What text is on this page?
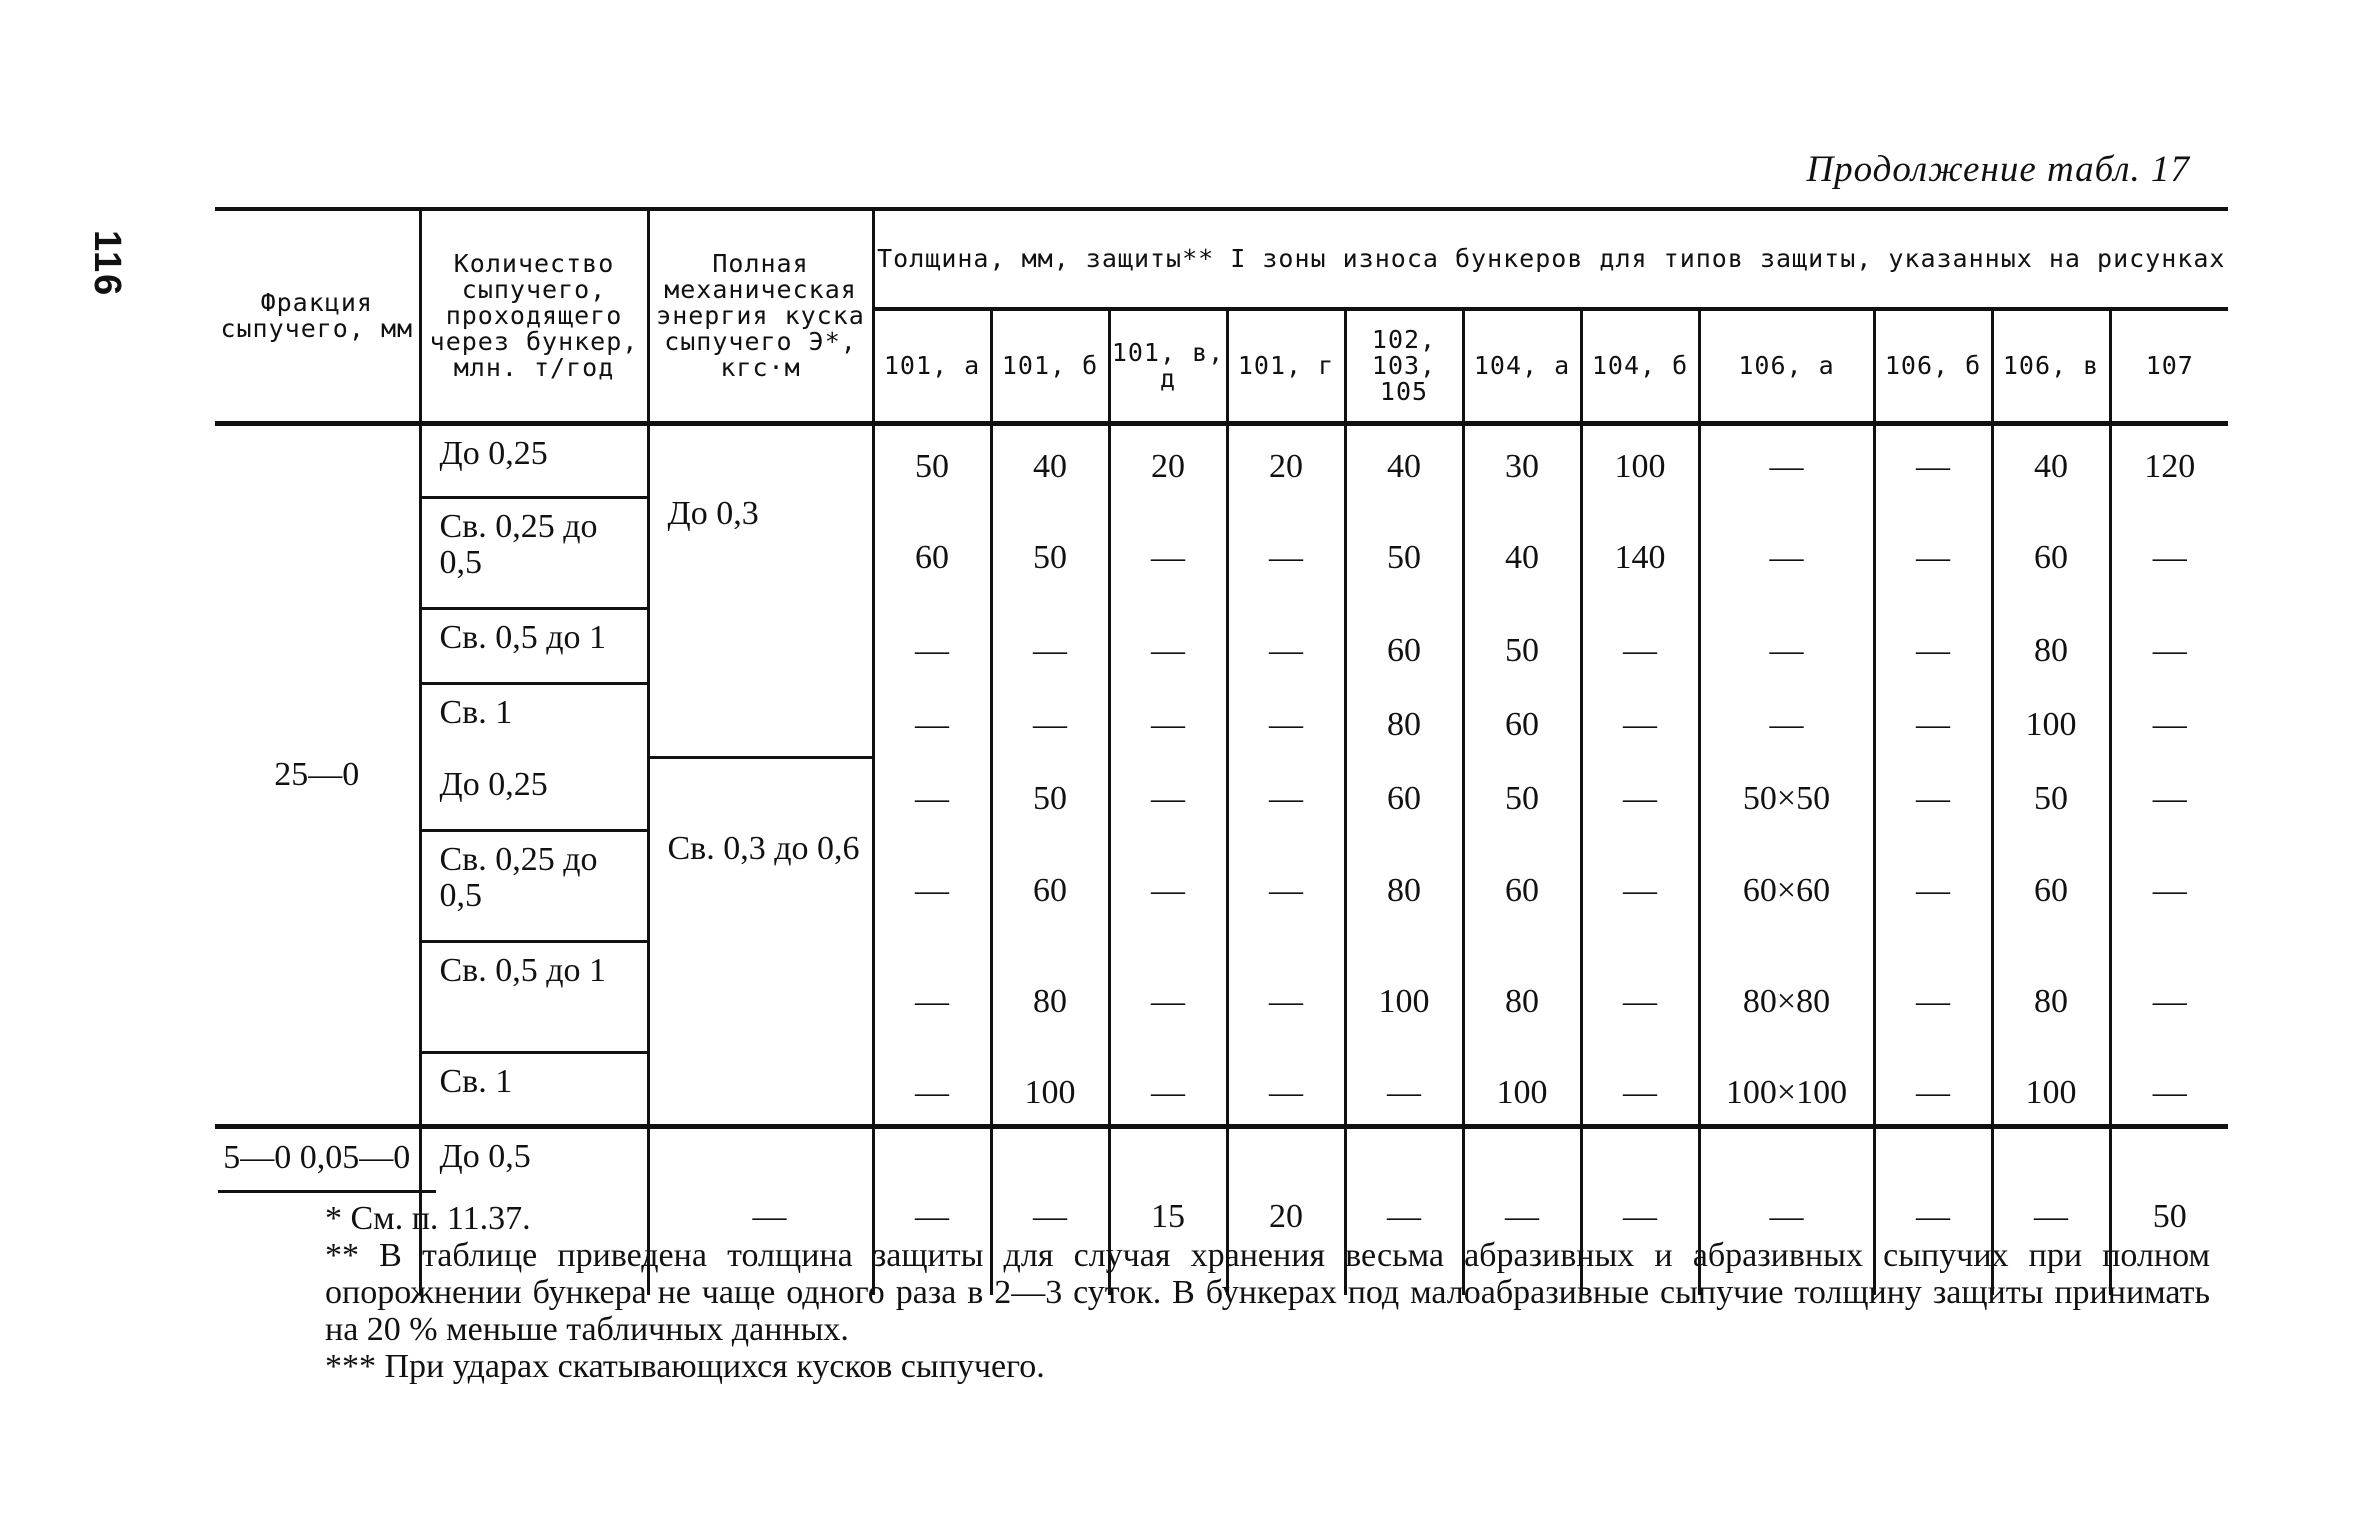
116
Продолжение табл. 17
Фракция сыпучего, мм	Количество сыпучего, проходящего через бункер, млн. т/год	Полная механическая энергия куска сыпучего Э*, кгс·м	Толщина, мм, защиты** I зоны износа бункеров для типов защиты, указанных на рисунках										
			101, а	101, б	101, в, д	101, г	102, 103, 105	104, а	104, б	106, а	106, б	106, в	107
25—0	До 0,25	До 0,3	50	40	20	20	40	30	100	—	—	40	120
	Св. 0,25 до 0,5		60	50	—	—	50	40	140	—	—	60	—
	Св. 0,5 до 1		—	—	—	—	60	50	—	—	—	80	—
	Св. 1		—	—	—	—	80	60	—	—	—	100	—
	До 0,25	Св. 0,3 до 0,6	—	50	—	—	60	50	—	50×50	—	50	—
	Св. 0,25 до 0,5		—	60	—	—	80	60	—	60×60	—	60	—
	Св. 0,5 до 1		—	80	—	—	100	80	—	80×80	—	80	—
	Св. 1		—	100	—	—	—	100	—	100×100	—	100	—
5—0 0,05—0	До 0,5	—	—	—	15	20	—	—	—	—	—	—	50

* См. п. 11.37.

** В таблице приведена толщина защиты для случая хранения весьма абразивных и абразивных сыпучих при полном опорожнении бункера не чаще одного раза в 2—3 суток. В бункерах под малоабразивные сыпучие толщину защиты принимать на 20 % меньше табличных данных.

*** При ударах скатывающихся кусков сыпучего.
